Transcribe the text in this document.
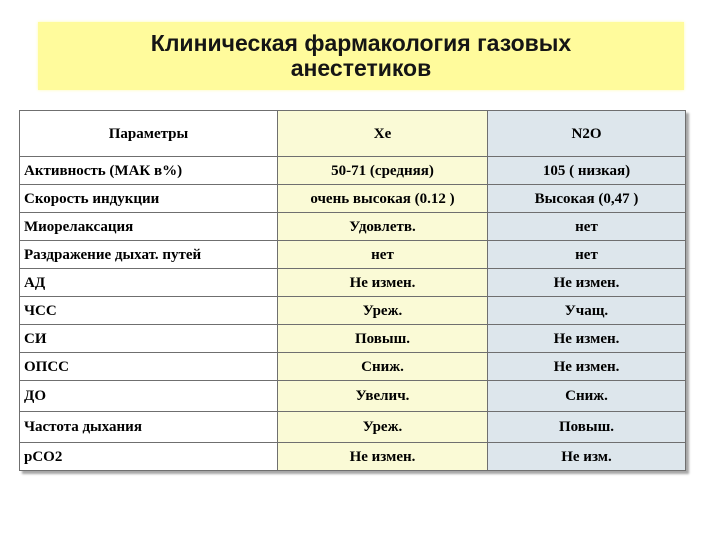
Клиническая фармакология газовых
анестетиков
Параметры	Xe	N2O
Активность (МАК в%)	50-71 (средняя)	105 ( низкая)
Скорость индукции	очень высокая (0.12 )	Высокая (0,47 )
Миорелаксация	Удовлетв.	нет
Раздражение дыхат. путей	нет	нет
АД	Не измен.	Не измен.
ЧСС	Уреж.	Учащ.
СИ	Повыш.	Не измен.
ОПСС	Сниж.	Не измен.
ДО	Увелич.	Сниж.
Частота дыхания	Уреж.	Повыш.
pCO2	Не измен.	Не изм.
